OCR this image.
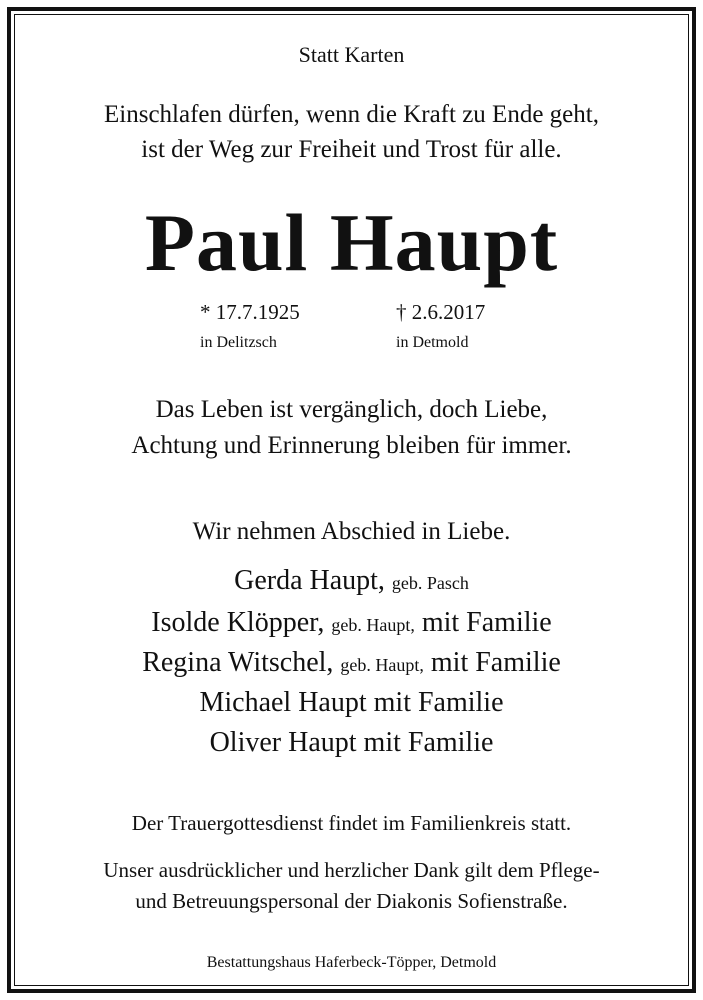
Statt Karten
Einschlafen dürfen, wenn die Kraft zu Ende geht,
ist der Weg zur Freiheit und Trost für alle.
Paul Haupt
* 17.7.1925	† 2.6.2017
in Delitzsch	in Detmold
Das Leben ist vergänglich, doch Liebe,
Achtung und Erinnerung bleiben für immer.
Wir nehmen Abschied in Liebe.
Gerda Haupt, geb. Pasch
Isolde Klöpper, geb. Haupt, mit Familie
Regina Witschel, geb. Haupt, mit Familie
Michael Haupt mit Familie
Oliver Haupt mit Familie
Der Trauergottesdienst findet im Familienkreis statt.
Unser ausdrücklicher und herzlicher Dank gilt dem Pflege-
und Betreuungspersonal der Diakonis Sofienstraße.
Bestattungshaus Haferbeck-Töpper, Detmold
